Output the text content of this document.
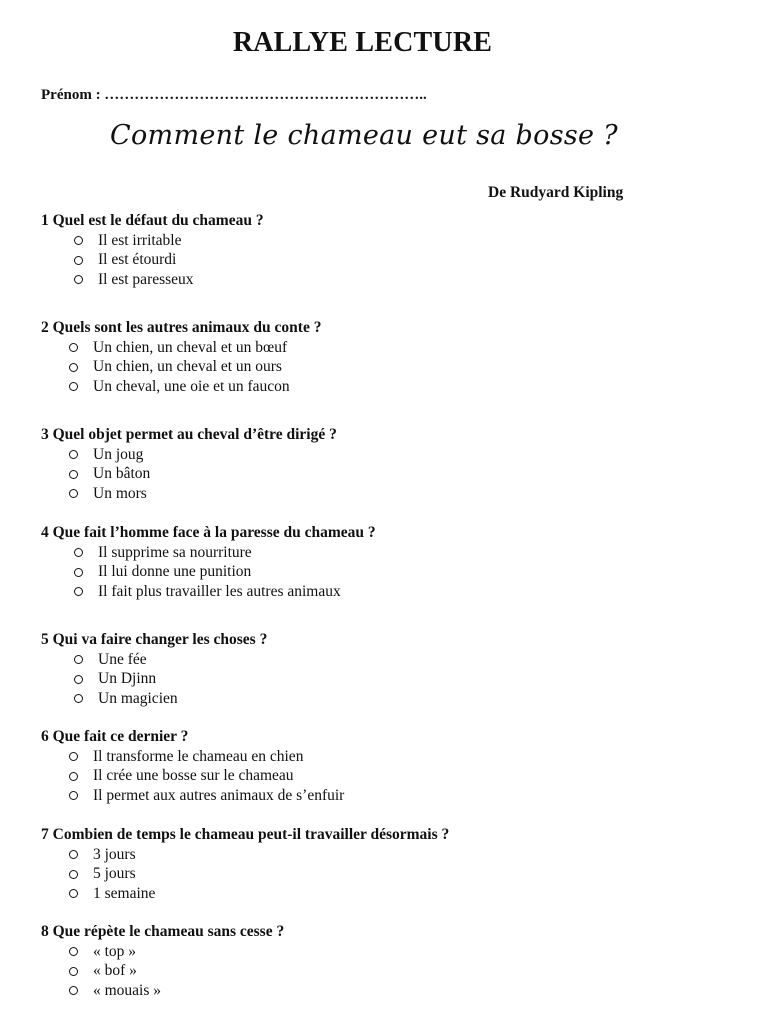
RALLYE LECTURE
Prénom : ………………………………………………………..
Comment le chameau eut sa bosse ?
De Rudyard Kipling
1 Quel est le défaut du chameau ?
Il est irritable
Il est étourdi
Il est paresseux
2 Quels sont les autres animaux du conte ?
Un chien, un cheval et un bœuf
Un chien, un cheval et un ours
Un cheval, une oie et un faucon
3 Quel objet permet au cheval d’être dirigé ?
Un joug
Un bâton
Un mors
4 Que fait l’homme face à la paresse du chameau ?
Il supprime sa nourriture
Il lui donne une punition
Il fait plus travailler les autres animaux
5 Qui va faire changer les choses ?
Une fée
Un Djinn
Un magicien
6 Que fait ce dernier ?
Il transforme le chameau en chien
Il crée une bosse sur le chameau
Il permet aux autres animaux de s’enfuir
7 Combien de temps le chameau peut-il travailler désormais ?
3 jours
5 jours
1 semaine
8 Que répète le chameau sans cesse ?
« top »
« bof »
« mouais »
